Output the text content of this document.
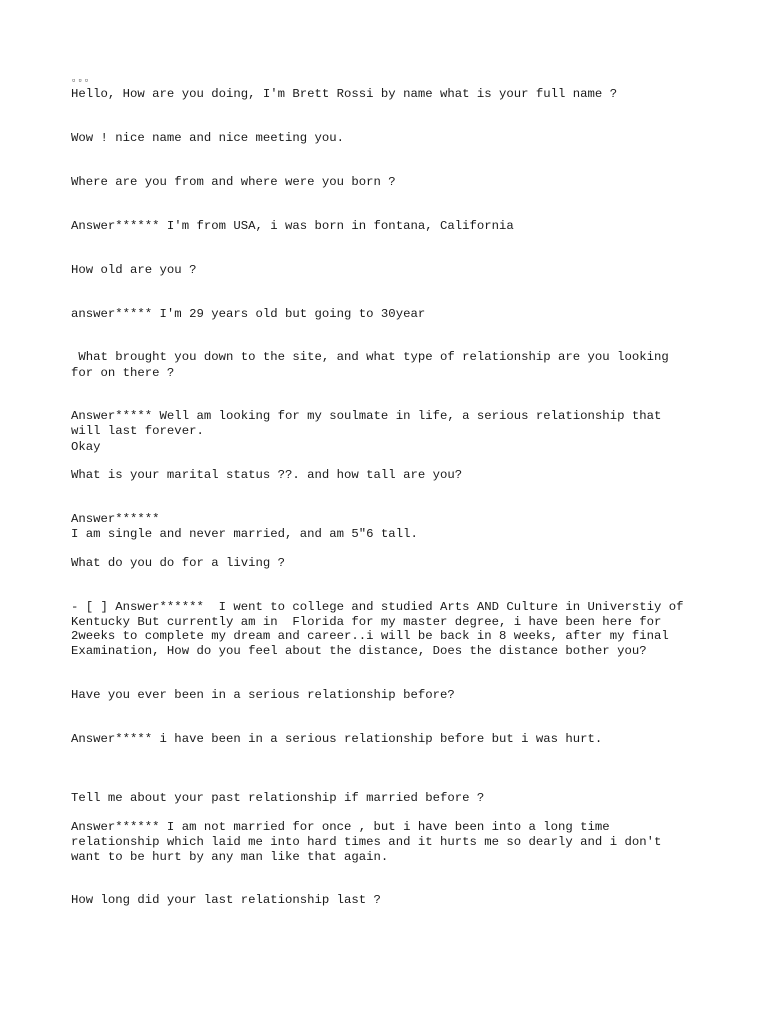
▫▫▫
Hello, How are you doing, I'm Brett Rossi by name what is your full name ?
Wow ! nice name and nice meeting you.
Where are you from and where were you born ?
Answer****** I'm from USA, i was born in fontana, California
How old are you ?
answer***** I'm 29 years old but going to 30year
What brought you down to the site, and what type of relationship are you looking
for on there ?
Answer***** Well am looking for my soulmate in life, a serious relationship that
will last forever.
Okay
What is your marital status ??. and how tall are you?
Answer******
I am single and never married, and am 5"6 tall.
What do you do for a living ?
- [ ] Answer******  I went to college and studied Arts AND Culture in Universtiy of
Kentucky But currently am in  Florida for my master degree, i have been here for
2weeks to complete my dream and career..i will be back in 8 weeks, after my final
Examination, How do you feel about the distance, Does the distance bother you?
Have you ever been in a serious relationship before?
Answer***** i have been in a serious relationship before but i was hurt.
Tell me about your past relationship if married before ?
Answer****** I am not married for once , but i have been into a long time
relationship which laid me into hard times and it hurts me so dearly and i don't
want to be hurt by any man like that again.
How long did your last relationship last ?
